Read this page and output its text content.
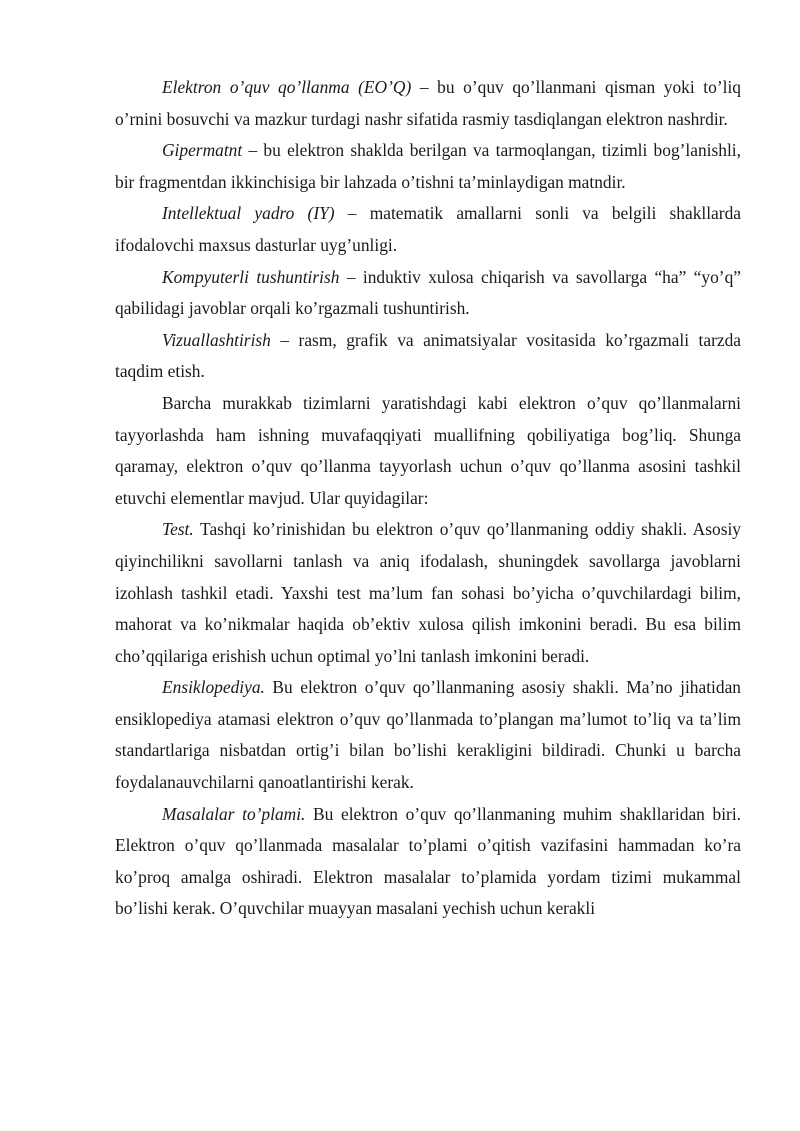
Elektron o’quv qo’llanma (EO’Q) – bu o’quv qo’llanmani qisman yoki to’liq o’rnini bosuvchi va mazkur turdagi nashr sifatida rasmiy tasdiqlangan elektron nashrdir.

Gipermatnt – bu elektron shaklda berilgan va tarmoqlangan, tizimli bog’lanishli, bir fragmentdan ikkinchisiga bir lahzada o’tishni ta’minlaydigan matndir.

Intellektual yadro (IY) – matematik amallarni sonli va belgili shakllarda ifodalovchi maxsus dasturlar uyg’unligi.

Kompyuterli tushuntirish – induktiv xulosa chiqarish va savollarga “ha” “yo’q” qabilidagi javoblar orqali ko’rgazmali tushuntirish.

Vizuallashtirish – rasm, grafik va animatsiyalar vositasida ko’rgazmali tarzda taqdim etish.

Barcha murakkab tizimlarni yaratishdagi kabi elektron o’quv qo’llanmalarni tayyorlashda ham ishning muvafaqqiyati muallifning qobiliyatiga bog’liq. Shunga qaramay, elektron o’quv qo’llanma tayyorlash uchun o’quv qo’llanma asosini tashkil etuvchi elementlar mavjud. Ular quyidagilar:

Test. Tashqi ko’rinishidan bu elektron o’quv qo’llanmaning oddiy shakli. Asosiy qiyinchilikni savollarni tanlash va aniq ifodalash, shuningdek savollarga javoblarni izohlash tashkil etadi. Yaxshi test ma’lum fan sohasi bo’yicha o’quvchilardagi bilim, mahorat va ko’nikmalar haqida ob’ektiv xulosa qilish imkonini beradi. Bu esa bilim cho’qqilariga erishish uchun optimal yo’lni tanlash imkonini beradi.

Ensiklopediya. Bu elektron o’quv qo’llanmaning asosiy shakli. Ma’no jihatidan ensiklopediya atamasi elektron o’quv qo’llanmada to’plangan ma’lumot to’liq va ta’lim standartlariga nisbatdan ortig’i bilan bo’lishi kerakligini bildiradi. Chunki u barcha foydalanauvchilarni qanoatlantirishi kerak.

Masalalar to’plami. Bu elektron o’quv qo’llanmaning muhim shakllaridan biri. Elektron o’quv qo’llanmada masalalar to’plami o’qitish vazifasini hammadan ko’ra ko’proq amalga oshiradi. Elektron masalalar to’plamida yordam tizimi mukammal bo’lishi kerak. O’quvchilar muayyan masalani yechish uchun kerakli
